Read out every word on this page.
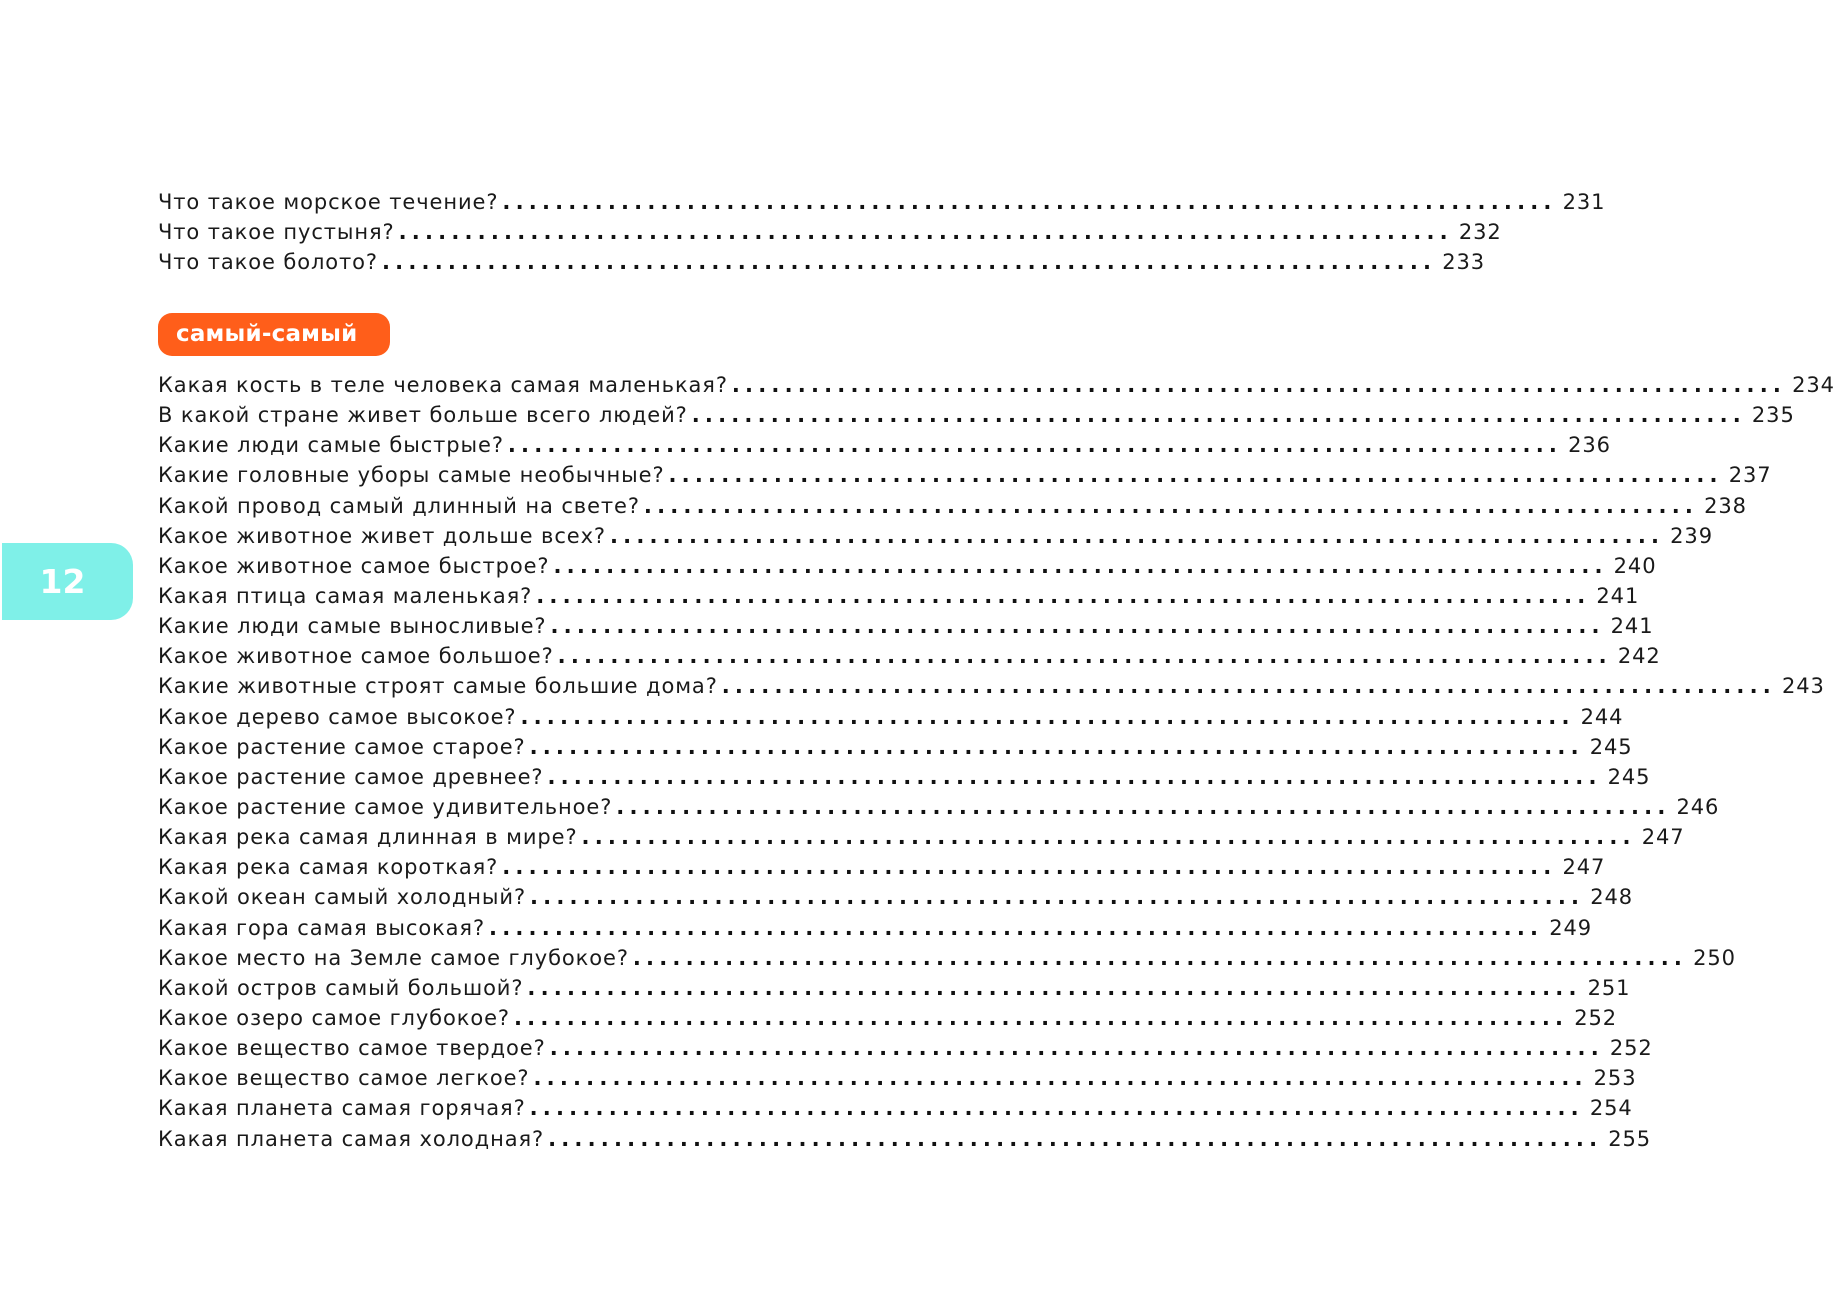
Что такое морское течение? ................................................................................ 231
Что такое пустыня? ................................................................................ 232
Что такое болото? ................................................................................ 233
самый-самый
Какая кость в теле человека самая маленькая? ................................................................................ 234
В какой стране живет больше всего людей? ................................................................................ 235
Какие люди самые быстрые? ................................................................................ 236
Какие головные уборы самые необычные? ................................................................................ 237
Какой провод самый длинный на свете? ................................................................................ 238
Какое животное живет дольше всех? ................................................................................ 239
Какое животное самое быстрое? ................................................................................ 240
Какая птица самая маленькая? ................................................................................ 241
Какие люди самые выносливые? ................................................................................ 241
Какое животное самое большое? ................................................................................ 242
Какие животные строят самые большие дома? ................................................................................ 243
Какое дерево самое высокое? ................................................................................ 244
Какое растение самое старое? ................................................................................ 245
Какое растение самое древнее? ................................................................................ 245
Какое растение самое удивительное? ................................................................................ 246
Какая река самая длинная в мире? ................................................................................ 247
Какая река самая короткая? ................................................................................ 247
Какой океан самый холодный? ................................................................................ 248
Какая гора самая высокая? ................................................................................ 249
Какое место на Земле самое глубокое? ................................................................................ 250
Какой остров самый большой? ................................................................................ 251
Какое озеро самое глубокое? ................................................................................ 252
Какое вещество самое твердое? ................................................................................ 252
Какое вещество самое легкое? ................................................................................ 253
Какая планета самая горячая? ................................................................................ 254
Какая планета самая холодная? ................................................................................ 255
12
